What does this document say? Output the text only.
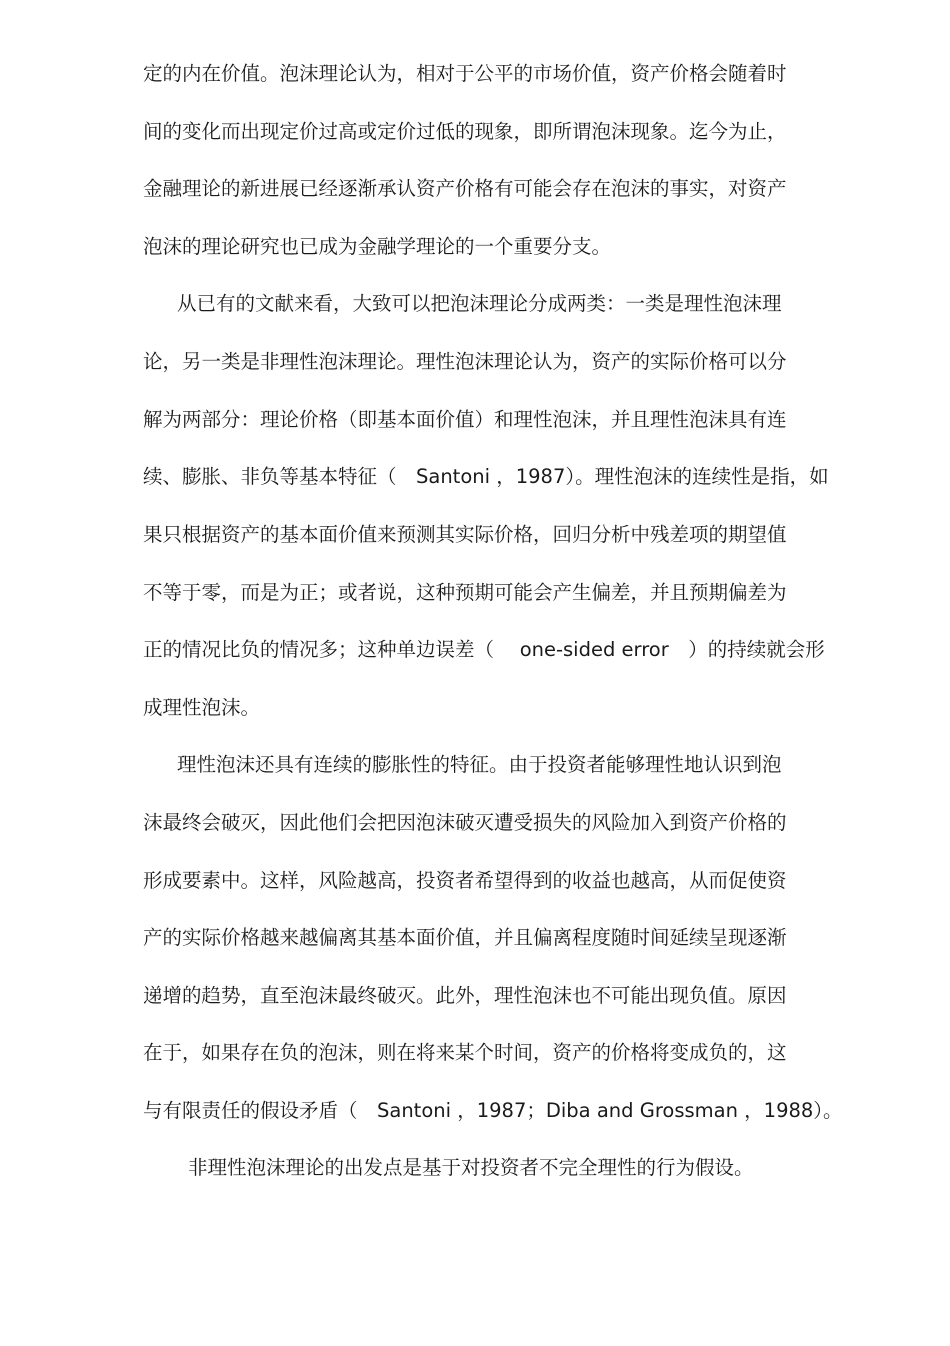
定的内在价值。泡沫理论认为，相对于公平的市场价值，资产价格会随着时
间的变化而出现定价过高或定价过低的现象，即所谓泡沫现象。迄今为止，
金融理论的新进展已经逐渐承认资产价格有可能会存在泡沫的事实，对资产
泡沫的理论研究也已成为金融学理论的一个重要分支。
从已有的文献来看，大致可以把泡沫理论分成两类：一类是理性泡沫理
论，另一类是非理性泡沫理论。理性泡沫理论认为，资产的实际价格可以分
解为两部分：理论价格（即基本面价值）和理性泡沫，并且理性泡沫具有连
续、膨胀、非负等基本特征（　Santoni ，1987）。理性泡沫的连续性是指，如
果只根据资产的基本面价值来预测其实际价格，回归分析中残差项的期望值
不等于零，而是为正；或者说，这种预期可能会产生偏差，并且预期偏差为
正的情况比负的情况多；这种单边误差（　 one-sided error　）的持续就会形
成理性泡沫。
理性泡沫还具有连续的膨胀性的特征。由于投资者能够理性地认识到泡
沫最终会破灭，因此他们会把因泡沫破灭遭受损失的风险加入到资产价格的
形成要素中。这样，风险越高，投资者希望得到的收益也越高，从而促使资
产的实际价格越来越偏离其基本面价值，并且偏离程度随时间延续呈现逐渐
递增的趋势，直至泡沫最终破灭。此外，理性泡沫也不可能出现负值。原因
在于，如果存在负的泡沫，则在将来某个时间，资产的价格将变成负的，这
与有限责任的假设矛盾（　Santoni ，1987；Diba and Grossman ，1988）。
非理性泡沫理论的出发点是基于对投资者不完全理性的行为假设。
